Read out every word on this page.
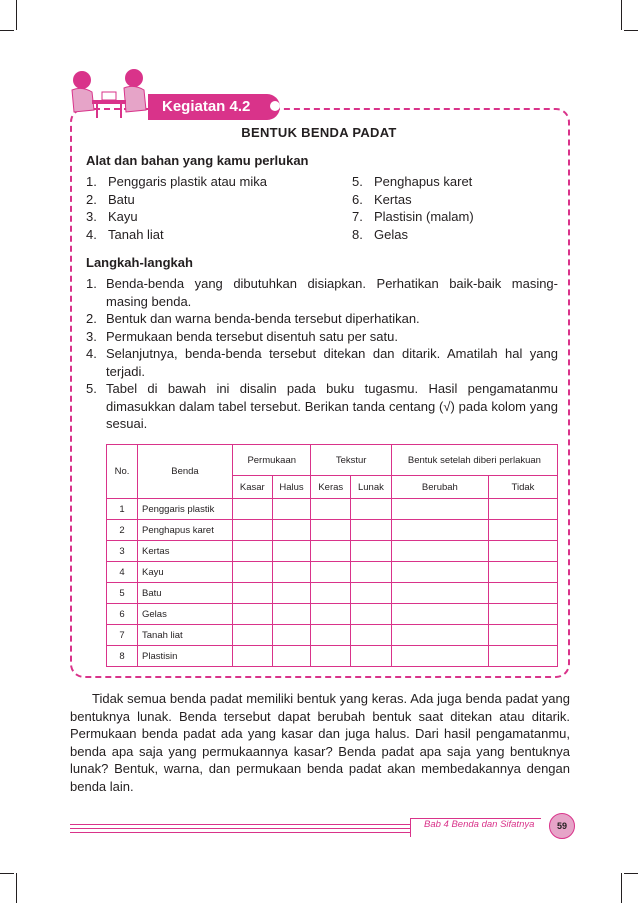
Kegiatan 4.2
BENTUK BENDA PADAT
Alat dan bahan yang kamu perlukan
1. Penggaris plastik atau mika
2. Batu
3. Kayu
4. Tanah liat
5. Penghapus karet
6. Kertas
7. Plastisin (malam)
8. Gelas
Langkah-langkah
1. Benda-benda yang dibutuhkan disiapkan. Perhatikan baik-baik masing-masing benda.
2. Bentuk dan warna benda-benda tersebut diperhatikan.
3. Permukaan benda tersebut disentuh satu per satu.
4. Selanjutnya, benda-benda tersebut ditekan dan ditarik. Amatilah hal yang terjadi.
5. Tabel di bawah ini disalin pada buku tugasmu. Hasil pengamatanmu dimasukkan dalam tabel tersebut. Berikan tanda centang (√) pada kolom yang sesuai.
No.	Benda	Permukaan		Tekstur		Bentuk setelah diberi perlakuan	
		Kasar	Halus	Keras	Lunak	Berubah	Tidak
1	Penggaris plastik						
2	Penghapus karet						
3	Kertas						
4	Kayu						
5	Batu						
6	Gelas						
7	Tanah liat						
8	Plastisin						

Tidak semua benda padat memiliki bentuk yang keras. Ada juga benda padat yang bentuknya lunak. Benda tersebut dapat berubah bentuk saat ditekan atau ditarik. Permukaan benda padat ada yang kasar dan juga halus. Dari hasil pengamatanmu, benda apa saja yang permukaannya kasar? Benda padat apa saja yang bentuknya lunak? Bentuk, warna, dan permukaan benda padat akan membedakannya dengan benda lain.

Bab 4 Benda dan Sifatnya	59
